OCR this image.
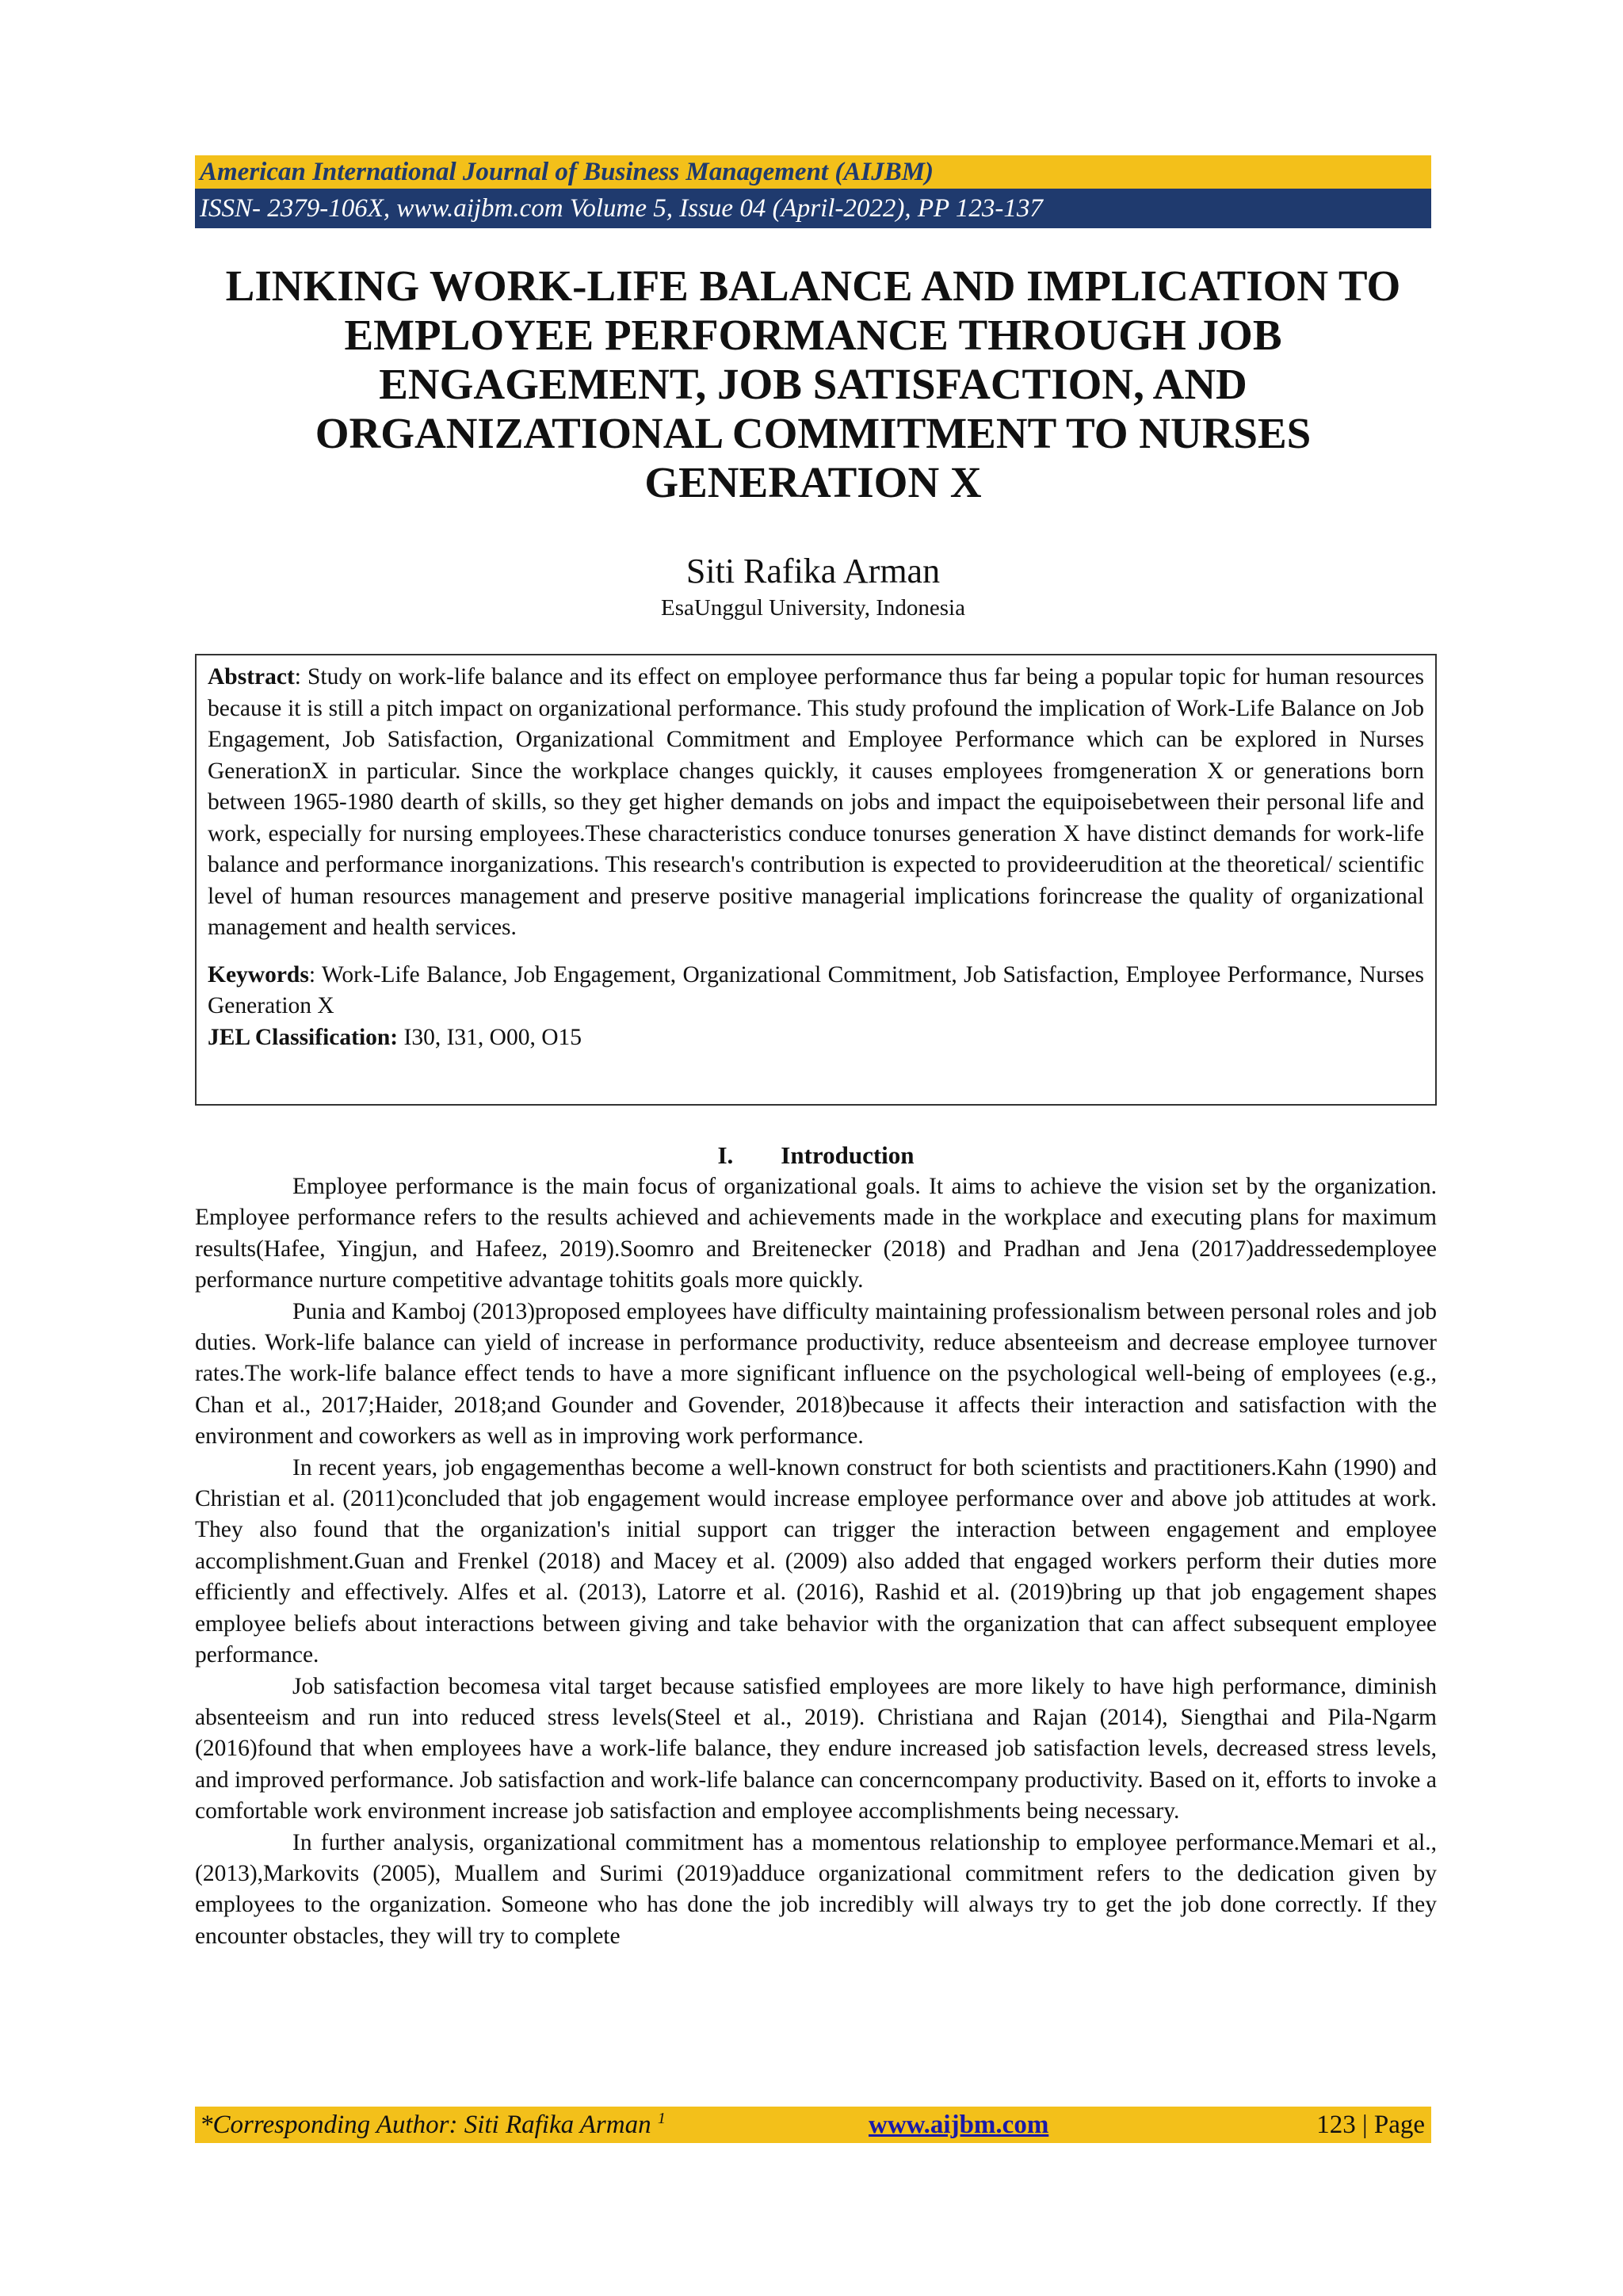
American International Journal of Business Management (AIJBM)
ISSN- 2379-106X, www.aijbm.com Volume 5, Issue 04 (April-2022), PP 123-137
LINKING WORK-LIFE BALANCE AND IMPLICATION TO
EMPLOYEE PERFORMANCE THROUGH JOB
ENGAGEMENT, JOB SATISFACTION, AND
ORGANIZATIONAL COMMITMENT TO NURSES
GENERATION X
Siti Rafika Arman
EsaUnggul University, Indonesia

Abstract: Study on work-life balance and its effect on employee performance thus far being a popular topic for human resources because it is still a pitch impact on organizational performance. This study profound the implication of Work-Life Balance on Job Engagement, Job Satisfaction, Organizational Commitment and Employee Performance which can be explored in Nurses GenerationX in particular. Since the workplace changes quickly, it causes employees fromgeneration X or generations born between 1965-1980 dearth of skills, so they get higher demands on jobs and impact the equipoisebetween their personal life and work, especially for nursing employees.These characteristics conduce tonurses generation X have distinct demands for work-life balance and performance inorganizations. This research's contribution is expected to provideerudition at the theoretical/ scientific level of human resources management and preserve positive managerial implications forincrease the quality of organizational management and health services.

Keywords: Work-Life Balance, Job Engagement, Organizational Commitment, Job Satisfaction, Employee Performance, Nurses Generation X

JEL Classification: I30, I31, O00, O15

I. Introduction

Employee performance is the main focus of organizational goals. It aims to achieve the vision set by the organization. Employee performance refers to the results achieved and achievements made in the workplace and executing plans for maximum results(Hafee, Yingjun, and Hafeez, 2019).Soomro and Breitenecker (2018) and Pradhan and Jena (2017)addressedemployee performance nurture competitive advantage tohitits goals more quickly.

Punia and Kamboj (2013)proposed employees have difficulty maintaining professionalism between personal roles and job duties. Work-life balance can yield of increase in performance productivity, reduce absenteeism and decrease employee turnover rates.The work-life balance effect tends to have a more significant influence on the psychological well-being of employees (e.g., Chan et al., 2017;Haider, 2018;and Gounder and Govender, 2018)because it affects their interaction and satisfaction with the environment and coworkers as well as in improving work performance.

In recent years, job engagementhas become a well-known construct for both scientists and practitioners.Kahn (1990) and Christian et al. (2011)concluded that job engagement would increase employee performance over and above job attitudes at work. They also found that the organization's initial support can trigger the interaction between engagement and employee accomplishment.Guan and Frenkel (2018) and Macey et al. (2009) also added that engaged workers perform their duties more efficiently and effectively. Alfes et al. (2013), Latorre et al. (2016), Rashid et al. (2019)bring up that job engagement shapes employee beliefs about interactions between giving and take behavior with the organization that can affect subsequent employee performance.

Job satisfaction becomesa vital target because satisfied employees are more likely to have high performance, diminish absenteeism and run into reduced stress levels(Steel et al., 2019). Christiana and Rajan (2014), Siengthai and Pila-Ngarm (2016)found that when employees have a work-life balance, they endure increased job satisfaction levels, decreased stress levels, and improved performance. Job satisfaction and work-life balance can concerncompany productivity. Based on it, efforts to invoke a comfortable work environment increase job satisfaction and employee accomplishments being necessary.

In further analysis, organizational commitment has a momentous relationship to employee performance.Memari et al., (2013),Markovits (2005), Muallem and Surimi (2019)adduce organizational commitment refers to the dedication given by employees to the organization. Someone who has done the job incredibly will always try to get the job done correctly. If they encounter obstacles, they will try to complete

*Corresponding Author: Siti Rafika Arman $^1$	www.aijbm.com	123 | Page
